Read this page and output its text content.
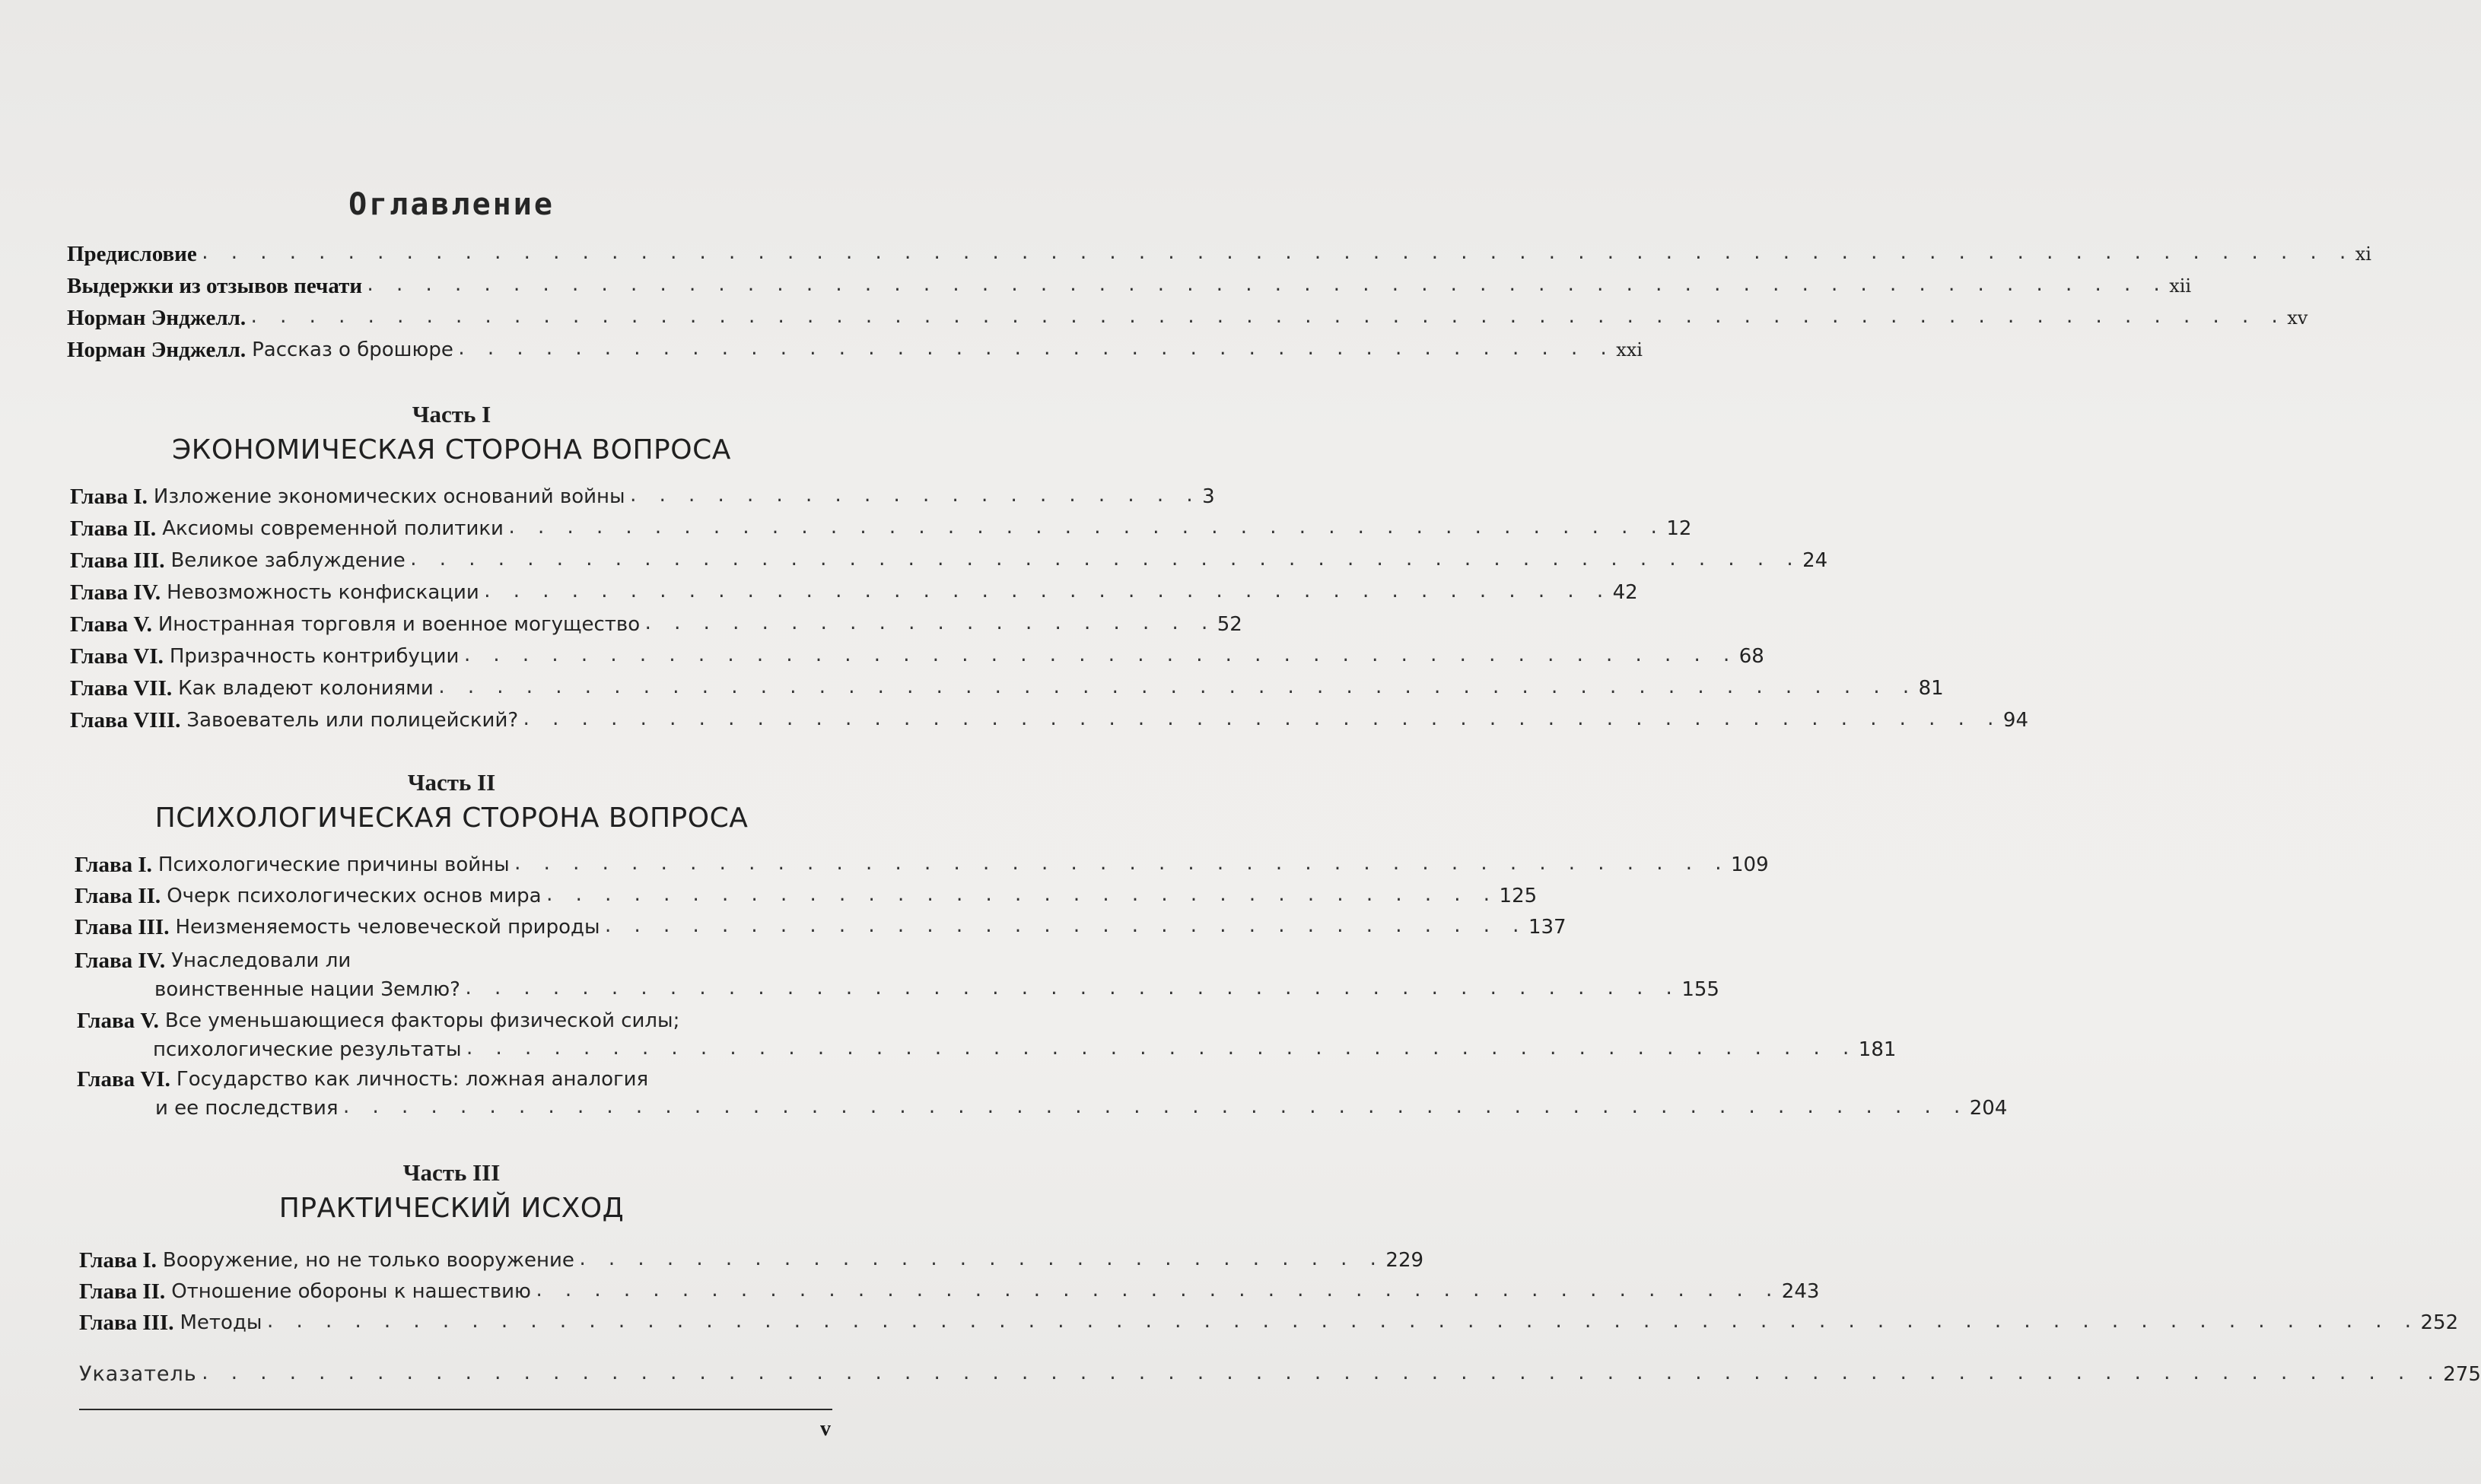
Оглавление
Предисловие . . . . . . . . . . . . . . . . . . . . . . . . . . . . . . . . . . . . . . . . . . . . . . . . . . . . . . . . . . . . . . . . . . . . . . . . . . xi
Выдержки из отзывов печати . . . . . . . . . . . . . . . . . . . . . . . . . . . . . . . . . . . . . . . . . . . . . . . . . . . . . . . . . . . . . . xii
Норман Энджелл. . . . . . . . . . . . . . . . . . . . . . . . . . . . . . . . . . . . . . . . . . . . . . . . . . . . . . . . . . . . . . . . . . . . . . . xv
Норман Энджелл. Рассказ о брошюре . . . . . . . . . . . . . . . . . . . . . . . . . . . . . . . . . . . . . . . . xxi
Часть I
ЭКОНОМИЧЕСКАЯ СТОРОНА ВОПРОСА
Глава I. Изложение экономических оснований войны . . . . . . . . . . . . . . . . . . . . 3
Глава II. Аксиомы современной политики . . . . . . . . . . . . . . . . . . . . . . . . . . . . . . . . . . . . . . . . 12
Глава III. Великое заблуждение . . . . . . . . . . . . . . . . . . . . . . . . . . . . . . . . . . . . . . . . . . . . . . . . 24
Глава IV. Невозможность конфискации . . . . . . . . . . . . . . . . . . . . . . . . . . . . . . . . . . . . . . . 42
Глава V. Иностранная торговля и военное могущество . . . . . . . . . . . . . . . . . . . . 52
Глава VI. Призрачность контрибуции . . . . . . . . . . . . . . . . . . . . . . . . . . . . . . . . . . . . . . . . . . . . 68
Глава VII. Как владеют колониями . . . . . . . . . . . . . . . . . . . . . . . . . . . . . . . . . . . . . . . . . . . . . . . . . . . 81
Глава VIII. Завоеватель или полицейский? . . . . . . . . . . . . . . . . . . . . . . . . . . . . . . . . . . . . . . . . . . . . . . . . . . . 94
Часть II
ПСИХОЛОГИЧЕСКАЯ СТОРОНА ВОПРОСА
Глава I. Психологические причины войны . . . . . . . . . . . . . . . . . . . . . . . . . . . . . . . . . . . . . . . . . . 109
Глава II. Очерк психологических основ мира . . . . . . . . . . . . . . . . . . . . . . . . . . . . . . . . . 125
Глава III. Неизменяемость человеческой природы . . . . . . . . . . . . . . . . . . . . . . . . . . . . . . . . 137
Глава IV. Унаследовали ли
воинственные нации Землю? . . . . . . . . . . . . . . . . . . . . . . . . . . . . . . . . . . . . . . . . . . 155
Глава V. Все уменьшающиеся факторы физической силы;
психологические результаты . . . . . . . . . . . . . . . . . . . . . . . . . . . . . . . . . . . . . . . . . . . . . . . . 181
Глава VI. Государство как личность: ложная аналогия
и ее последствия . . . . . . . . . . . . . . . . . . . . . . . . . . . . . . . . . . . . . . . . . . . . . . . . . . . . . . . . 204
Часть III
ПРАКТИЧЕСКИЙ ИСХОД
Глава I. Вооружение, но не только вооружение . . . . . . . . . . . . . . . . . . . . . . . . . . . . 229
Глава II. Отношение обороны к нашествию . . . . . . . . . . . . . . . . . . . . . . . . . . . . . . . . . . . . . . . . . . . 243
Глава III. Методы . . . . . . . . . . . . . . . . . . . . . . . . . . . . . . . . . . . . . . . . . . . . . . . . . . . . . . . . . . . . . . . . . . . . . . . . . . 252
Указатель . . . . . . . . . . . . . . . . . . . . . . . . . . . . . . . . . . . . . . . . . . . . . . . . . . . . . . . . . . . . . . . . . . . . . . . . . . . . . 275
v
